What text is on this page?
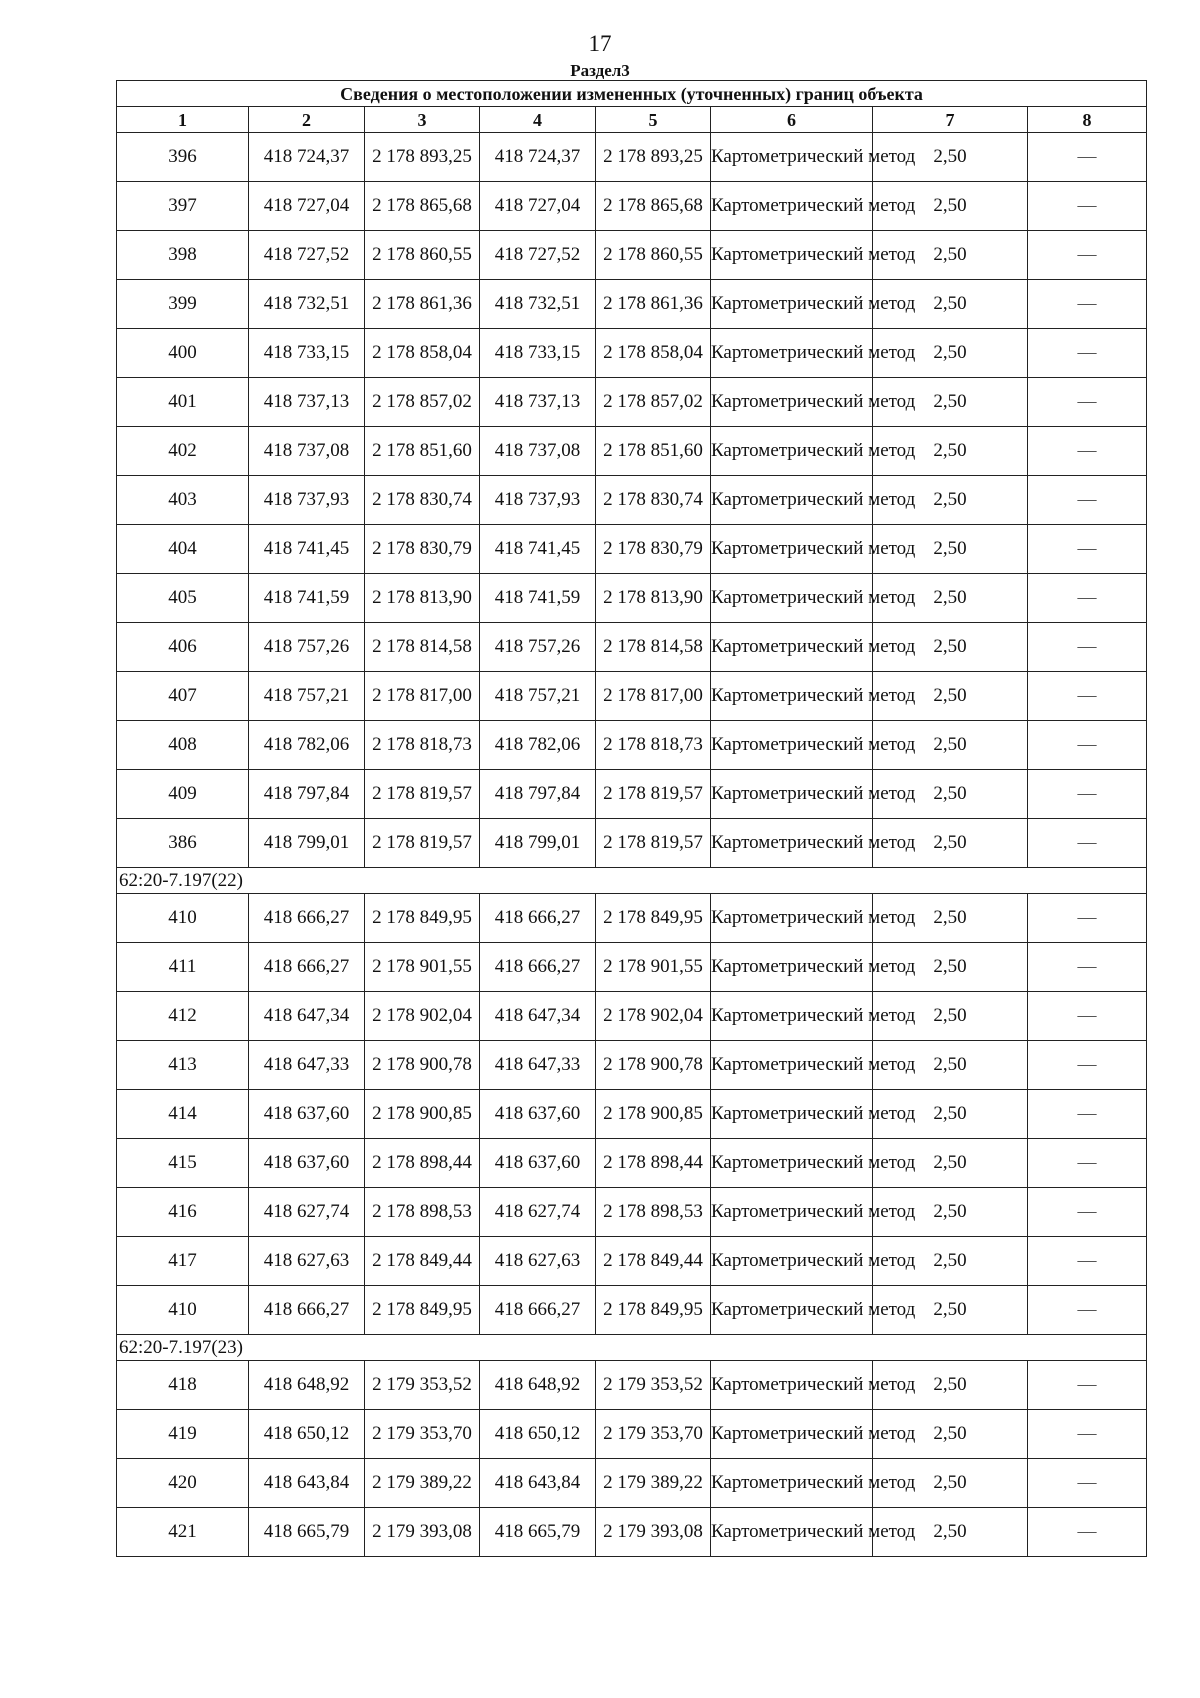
17
Раздел3
Сведения о местоположении измененных (уточненных) границ объекта							
1	2	3	4	5	6	7	8
396	418 724,37	2 178 893,25	418 724,37	2 178 893,25	Картометрический метод	2,50	—
397	418 727,04	2 178 865,68	418 727,04	2 178 865,68	Картометрический метод	2,50	—
398	418 727,52	2 178 860,55	418 727,52	2 178 860,55	Картометрический метод	2,50	—
399	418 732,51	2 178 861,36	418 732,51	2 178 861,36	Картометрический метод	2,50	—
400	418 733,15	2 178 858,04	418 733,15	2 178 858,04	Картометрический метод	2,50	—
401	418 737,13	2 178 857,02	418 737,13	2 178 857,02	Картометрический метод	2,50	—
402	418 737,08	2 178 851,60	418 737,08	2 178 851,60	Картометрический метод	2,50	—
403	418 737,93	2 178 830,74	418 737,93	2 178 830,74	Картометрический метод	2,50	—
404	418 741,45	2 178 830,79	418 741,45	2 178 830,79	Картометрический метод	2,50	—
405	418 741,59	2 178 813,90	418 741,59	2 178 813,90	Картометрический метод	2,50	—
406	418 757,26	2 178 814,58	418 757,26	2 178 814,58	Картометрический метод	2,50	—
407	418 757,21	2 178 817,00	418 757,21	2 178 817,00	Картометрический метод	2,50	—
408	418 782,06	2 178 818,73	418 782,06	2 178 818,73	Картометрический метод	2,50	—
409	418 797,84	2 178 819,57	418 797,84	2 178 819,57	Картометрический метод	2,50	—
386	418 799,01	2 178 819,57	418 799,01	2 178 819,57	Картометрический метод	2,50	—
62:20-7.197(22)							
410	418 666,27	2 178 849,95	418 666,27	2 178 849,95	Картометрический метод	2,50	—
411	418 666,27	2 178 901,55	418 666,27	2 178 901,55	Картометрический метод	2,50	—
412	418 647,34	2 178 902,04	418 647,34	2 178 902,04	Картометрический метод	2,50	—
413	418 647,33	2 178 900,78	418 647,33	2 178 900,78	Картометрический метод	2,50	—
414	418 637,60	2 178 900,85	418 637,60	2 178 900,85	Картометрический метод	2,50	—
415	418 637,60	2 178 898,44	418 637,60	2 178 898,44	Картометрический метод	2,50	—
416	418 627,74	2 178 898,53	418 627,74	2 178 898,53	Картометрический метод	2,50	—
417	418 627,63	2 178 849,44	418 627,63	2 178 849,44	Картометрический метод	2,50	—
410	418 666,27	2 178 849,95	418 666,27	2 178 849,95	Картометрический метод	2,50	—
62:20-7.197(23)							
418	418 648,92	2 179 353,52	418 648,92	2 179 353,52	Картометрический метод	2,50	—
419	418 650,12	2 179 353,70	418 650,12	2 179 353,70	Картометрический метод	2,50	—
420	418 643,84	2 179 389,22	418 643,84	2 179 389,22	Картометрический метод	2,50	—
421	418 665,79	2 179 393,08	418 665,79	2 179 393,08	Картометрический метод	2,50	—
